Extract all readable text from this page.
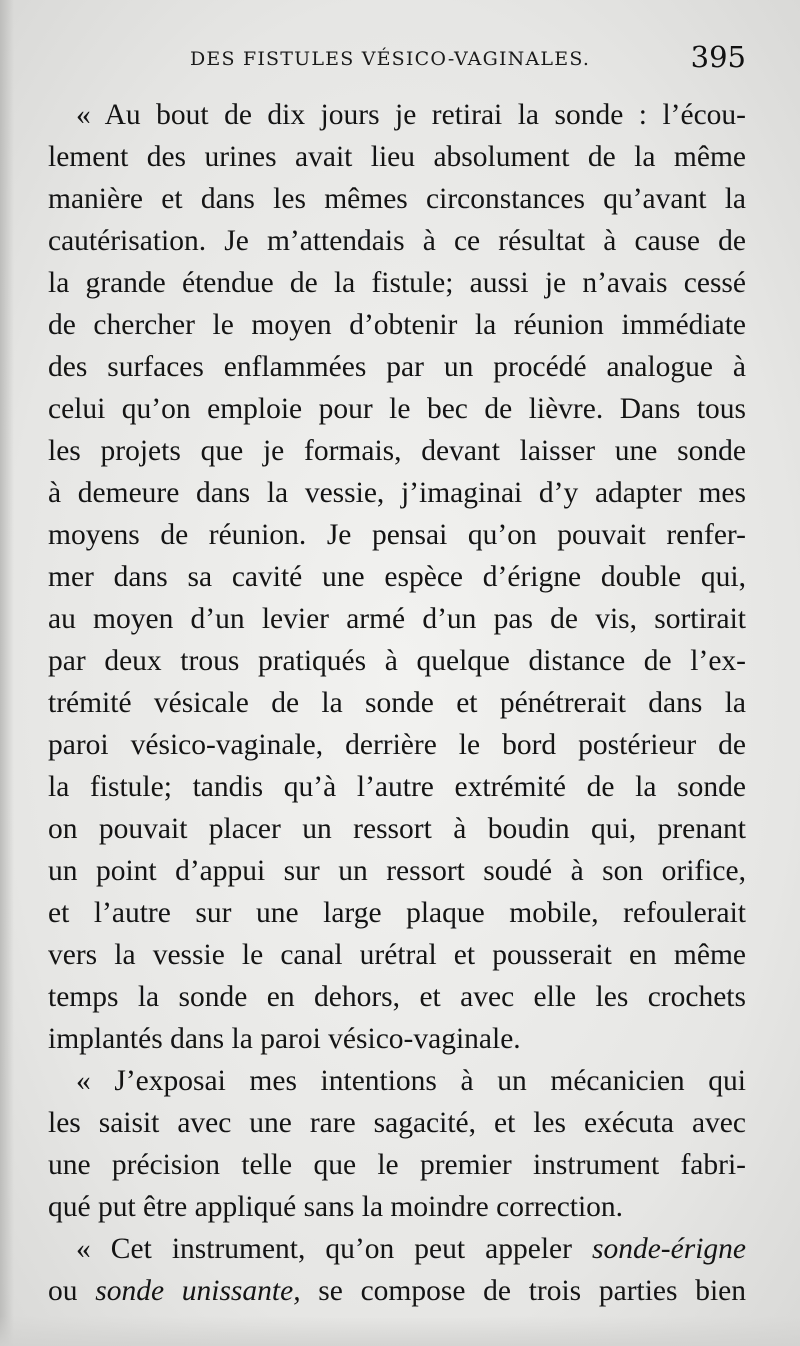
DES FISTULES VÉSICO-VAGINALES.	395
« Au bout de dix jours je retirai la sonde : l’écou-
lement des urines avait lieu absolument de la même
manière et dans les mêmes circonstances qu’avant la
cautérisation. Je m’attendais à ce résultat à cause de
la grande étendue de la fistule; aussi je n’avais cessé
de chercher le moyen d’obtenir la réunion immédiate
des surfaces enflammées par un procédé analogue à
celui qu’on emploie pour le bec de lièvre. Dans tous
les projets que je formais, devant laisser une sonde
à demeure dans la vessie, j’imaginai d’y adapter mes
moyens de réunion. Je pensai qu’on pouvait renfer-
mer dans sa cavité une espèce d’érigne double qui,
au moyen d’un levier armé d’un pas de vis, sortirait
par deux trous pratiqués à quelque distance de l’ex-
trémité vésicale de la sonde et pénétrerait dans la
paroi vésico-vaginale, derrière le bord postérieur de
la fistule; tandis qu’à l’autre extrémité de la sonde
on pouvait placer un ressort à boudin qui, prenant
un point d’appui sur un ressort soudé à son orifice,
et l’autre sur une large plaque mobile, refoulerait
vers la vessie le canal urétral et pousserait en même
temps la sonde en dehors, et avec elle les crochets
implantés dans la paroi vésico-vaginale.
« J’exposai mes intentions à un mécanicien qui
les saisit avec une rare sagacité, et les exécuta avec
une précision telle que le premier instrument fabri-
qué put être appliqué sans la moindre correction.
« Cet instrument, qu’on peut appeler sonde-érigne
ou sonde unissante, se compose de trois parties bien
